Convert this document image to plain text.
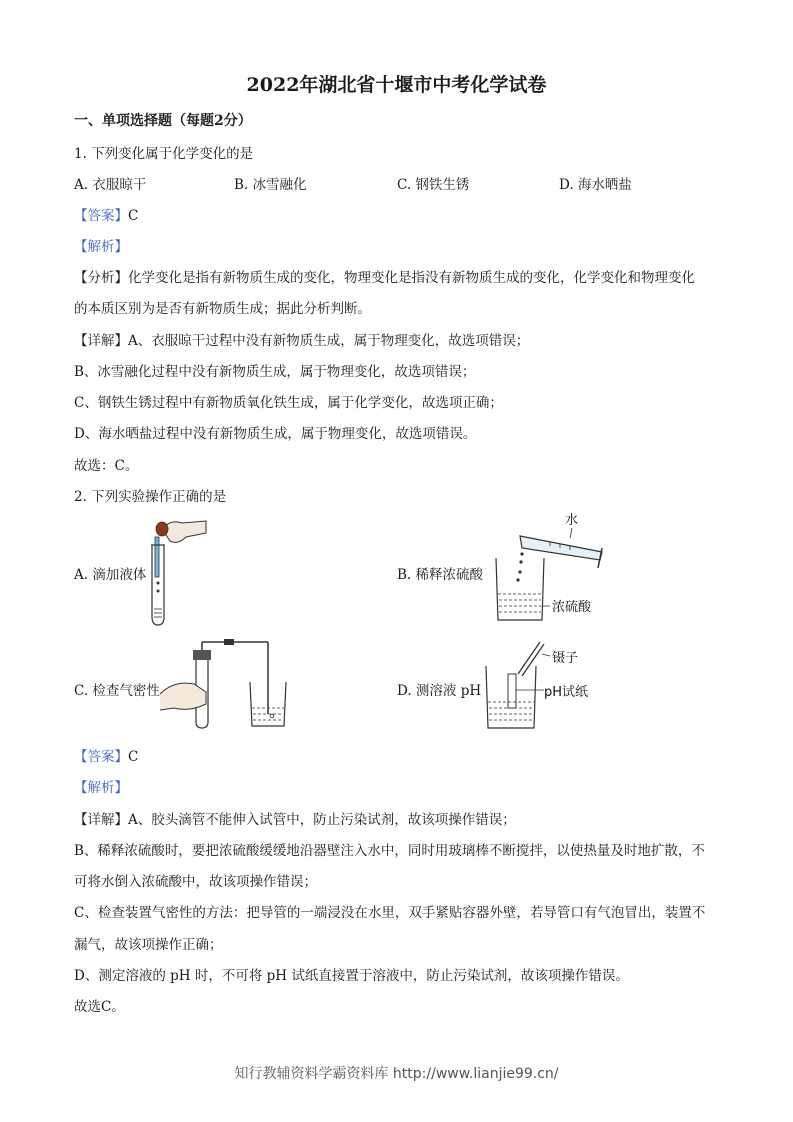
2022年湖北省十堰市中考化学试卷
一、单项选择题（每题2分）
1. 下列变化属于化学变化的是
A. 衣服晾干	B. 冰雪融化	C. 钢铁生锈	D. 海水晒盐
【答案】C
【解析】
【分析】化学变化是指有新物质生成的变化，物理变化是指没有新物质生成的变化，化学变化和物理变化
的本质区别为是否有新物质生成；据此分析判断。
【详解】A、衣服晾干过程中没有新物质生成，属于物理变化，故选项错误；
B、冰雪融化过程中没有新物质生成，属于物理变化，故选项错误；
C、钢铁生锈过程中有新物质氧化铁生成，属于化学变化，故选项正确；
D、海水晒盐过程中没有新物质生成，属于物理变化，故选项错误。
故选：C。
2. 下列实验操作正确的是
A. 滴加液体	B. 稀释浓硫酸
C. 检查气密性	D. 测溶液 pH
水
浓硫酸
镊子
pH试纸
【答案】C
【解析】
【详解】A、胶头滴管不能伸入试管中，防止污染试剂，故该项操作错误；
B、稀释浓硫酸时，要把浓硫酸缓缓地沿器壁注入水中，同时用玻璃棒不断搅拌，以使热量及时地扩散，不
可将水倒入浓硫酸中，故该项操作错误；
C、检查装置气密性的方法：把导管的一端浸没在水里，双手紧贴容器外壁，若导管口有气泡冒出，装置不
漏气，故该项操作正确；
D、测定溶液的 pH 时，不可将 pH 试纸直接置于溶液中，防止污染试剂，故该项操作错误。
故选C。
知行教辅资料学霸资料库 http://www.lianjie99.cn/
